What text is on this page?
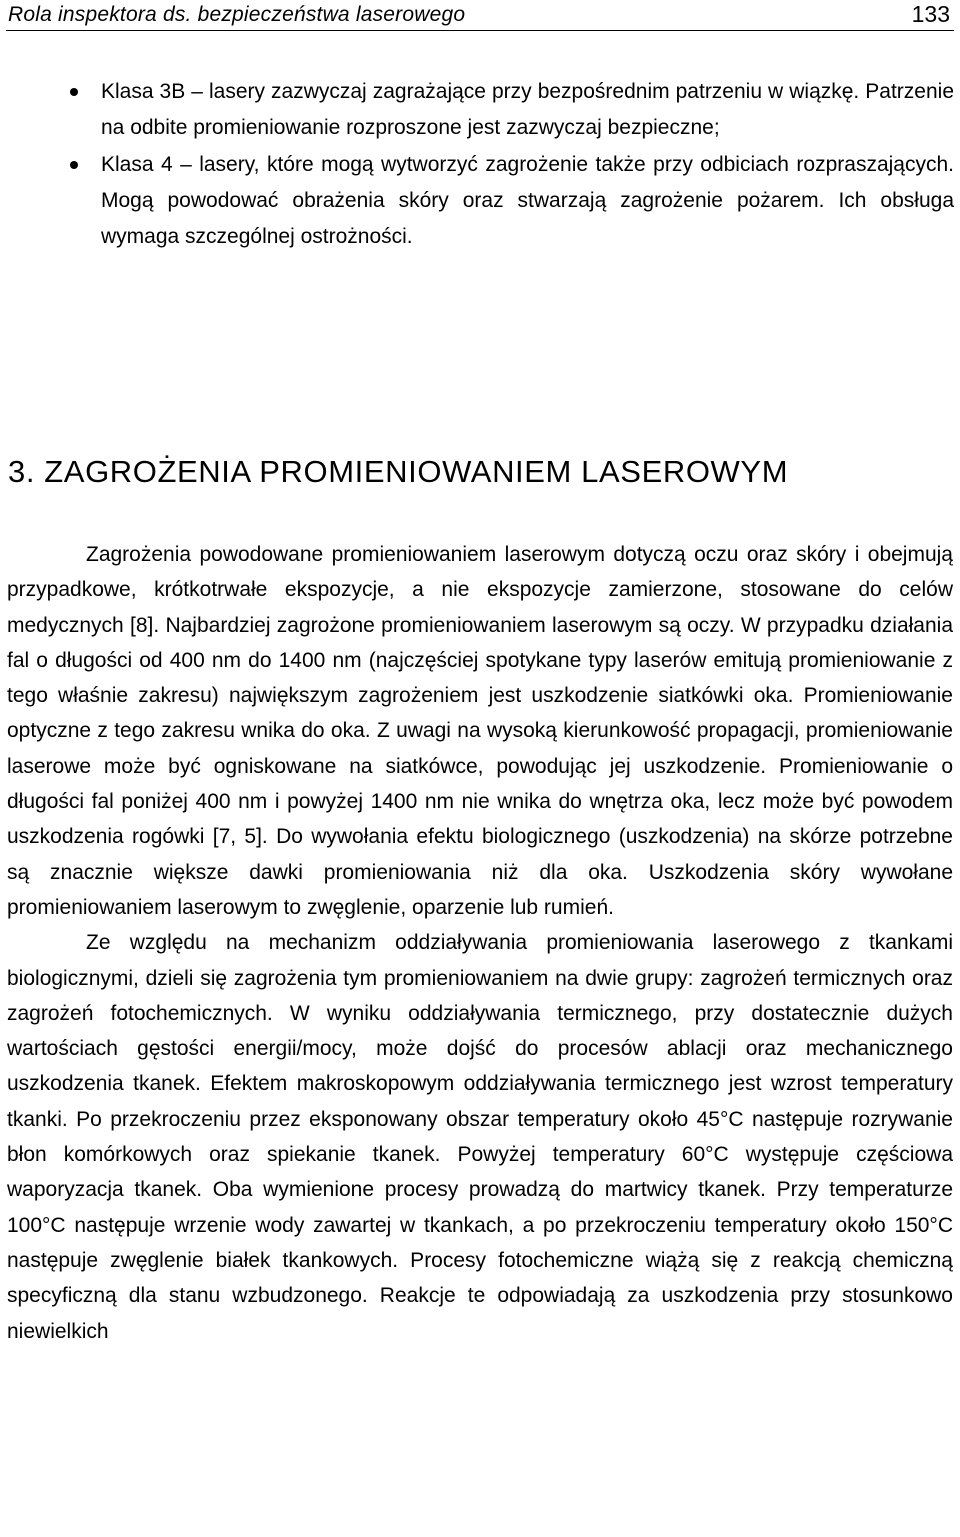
Rola inspektora ds. bezpieczeństwa laserowego	133
Klasa 3B – lasery zazwyczaj zagrażające przy bezpośrednim patrzeniu w wiązkę. Patrzenie na odbite promieniowanie rozproszone jest zazwyczaj bezpieczne;
Klasa 4 – lasery, które mogą wytworzyć zagrożenie także przy odbiciach rozpraszających. Mogą powodować obrażenia skóry oraz stwarzają zagrożenie pożarem. Ich obsługa wymaga szczególnej ostrożności.
3. ZAGROŻENIA PROMIENIOWANIEM LASEROWYM

Zagrożenia powodowane promieniowaniem laserowym dotyczą oczu oraz skóry i obejmują przypadkowe, krótkotrwałe ekspozycje, a nie ekspozycje zamierzone, stosowane do celów medycznych [8]. Najbardziej zagrożone promieniowaniem laserowym są oczy. W przypadku działania fal o długości od 400 nm do 1400 nm (najczęściej spotykane typy laserów emitują promieniowanie z tego właśnie zakresu) największym zagrożeniem jest uszkodzenie siatkówki oka. Promieniowanie optyczne z tego zakresu wnika do oka. Z uwagi na wysoką kierunkowość propagacji, promieniowanie laserowe może być ogniskowane na siatkówce, powodując jej uszkodzenie. Promieniowanie o długości fal poniżej 400 nm i powyżej 1400 nm nie wnika do wnętrza oka, lecz może być powodem uszkodzenia rogówki [7, 5]. Do wywołania efektu biologicznego (uszkodzenia) na skórze potrzebne są znacznie większe dawki promieniowania niż dla oka. Uszkodzenia skóry wywołane promieniowaniem laserowym to zwęglenie, oparzenie lub rumień.

Ze względu na mechanizm oddziaływania promieniowania laserowego z tkankami biologicznymi, dzieli się zagrożenia tym promieniowaniem na dwie grupy: zagrożeń termicznych oraz zagrożeń fotochemicznych. W wyniku oddziaływania termicznego, przy dostatecznie dużych wartościach gęstości energii/mocy, może dojść do procesów ablacji oraz mechanicznego uszkodzenia tkanek. Efektem makroskopowym oddziaływania termicznego jest wzrost temperatury tkanki. Po przekroczeniu przez eksponowany obszar temperatury około 45°C następuje rozrywanie błon komórkowych oraz spiekanie tkanek. Powyżej temperatury 60°C występuje częściowa waporyzacja tkanek. Oba wymienione procesy prowadzą do martwicy tkanek. Przy temperaturze 100°C następuje wrzenie wody zawartej w tkankach, a po przekroczeniu temperatury około 150°C następuje zwęglenie białek tkankowych. Procesy fotochemiczne wiążą się z reakcją chemiczną specyficzną dla stanu wzbudzonego. Reakcje te odpowiadają za uszkodzenia przy stosunkowo niewielkich
